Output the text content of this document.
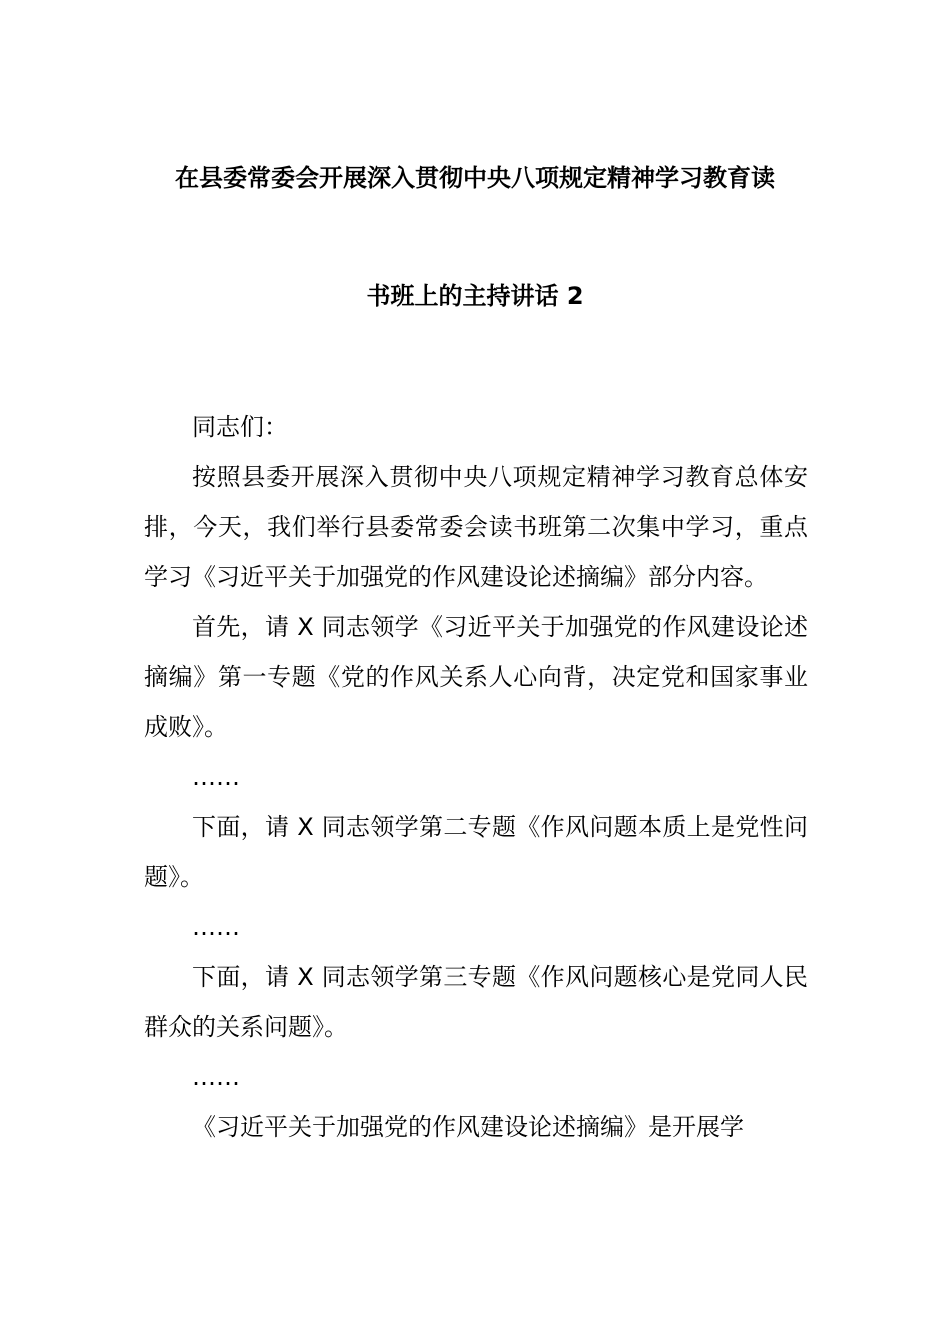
在县委常委会开展深入贯彻中央八项规定精神学习教育读
书班上的主持讲话 2

同志们：

按照县委开展深入贯彻中央八项规定精神学习教育总体安排，今天，我们举行县委常委会读书班第二次集中学习，重点学习《习近平关于加强党的作风建设论述摘编》部分内容。

首先，请 X 同志领学《习近平关于加强党的作风建设论述摘编》第一专题《党的作风关系人心向背，决定党和国家事业成败》。

……

下面，请 X 同志领学第二专题《作风问题本质上是党性问题》。

……

下面，请 X 同志领学第三专题《作风问题核心是党同人民群众的关系问题》。

……

《习近平关于加强党的作风建设论述摘编》是开展学
